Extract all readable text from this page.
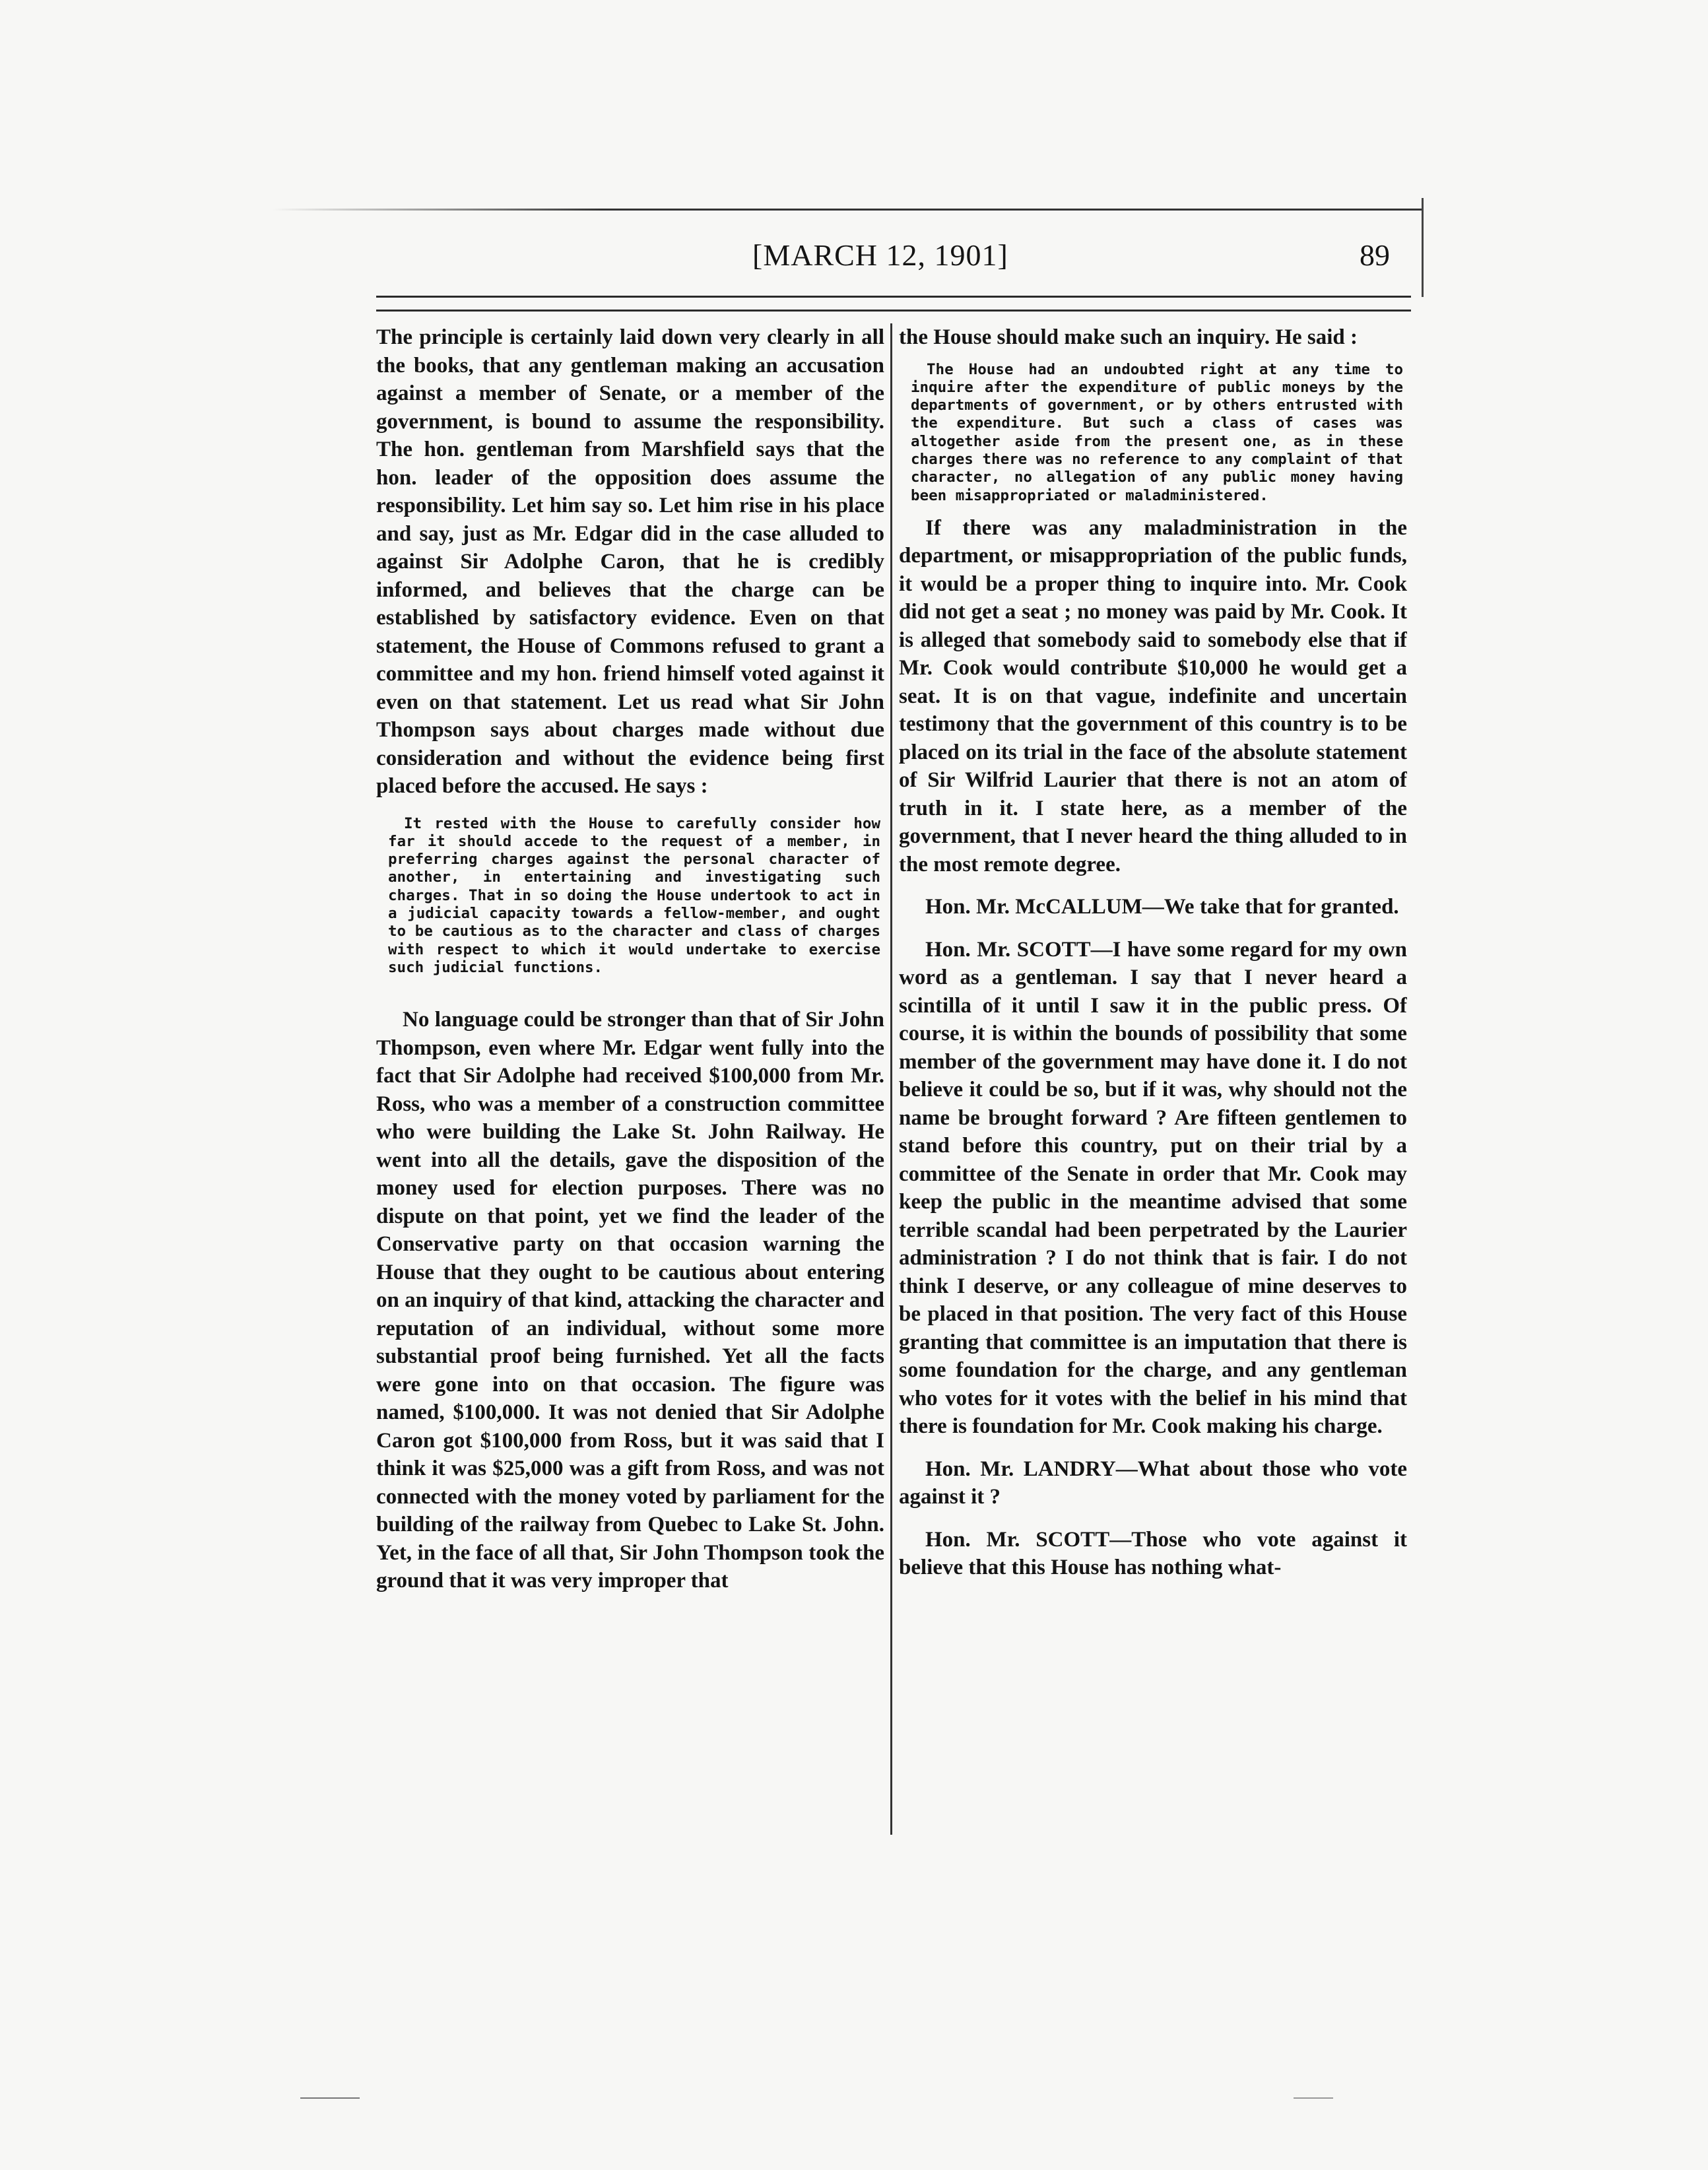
[MARCH 12, 1901]	89

The principle is certainly laid down very clearly in all the books, that any gentleman making an accusation against a member of Senate, or a member of the government, is bound to assume the responsibility. The hon. gentleman from Marshfield says that the hon. leader of the opposition does assume the responsibility. Let him say so. Let him rise in his place and say, just as Mr. Edgar did in the case alluded to against Sir Adolphe Caron, that he is credibly informed, and believes that the charge can be established by satisfactory evidence. Even on that statement, the House of Commons refused to grant a committee and my hon. friend himself voted against it even on that statement. Let us read what Sir John Thompson says about charges made without due consideration and without the evidence being first placed before the accused. He says :

It rested with the House to carefully consider how far it should accede to the request of a member, in preferring charges against the personal character of another, in entertaining and investigating such charges. That in so doing the House undertook to act in a judicial capacity towards a fellow-member, and ought to be cautious as to the character and class of charges with respect to which it would undertake to exercise such judicial functions.

No language could be stronger than that of Sir John Thompson, even where Mr. Edgar went fully into the fact that Sir Adolphe had received $100,000 from Mr. Ross, who was a member of a construction committee who were building the Lake St. John Railway. He went into all the details, gave the disposition of the money used for election purposes. There was no dispute on that point, yet we find the leader of the Conservative party on that occasion warning the House that they ought to be cautious about entering on an inquiry of that kind, attacking the character and reputation of an individual, without some more substantial proof being furnished. Yet all the facts were gone into on that occasion. The figure was named, $100,000. It was not denied that Sir Adolphe Caron got $100,000 from Ross, but it was said that I think it was $25,000 was a gift from Ross, and was not connected with the money voted by parliament for the building of the railway from Quebec to Lake St. John. Yet, in the face of all that, Sir John Thompson took the ground that it was very improper that

the House should make such an inquiry. He said :

The House had an undoubted right at any time to inquire after the expenditure of public moneys by the departments of government, or by others entrusted with the expenditure. But such a class of cases was altogether aside from the present one, as in these charges there was no reference to any complaint of that character, no allegation of any public money having been misappropriated or maladministered.

If there was any maladministration in the department, or misappropriation of the public funds, it would be a proper thing to inquire into. Mr. Cook did not get a seat ; no money was paid by Mr. Cook. It is alleged that somebody said to somebody else that if Mr. Cook would contribute $10,000 he would get a seat. It is on that vague, indefinite and uncertain testimony that the government of this country is to be placed on its trial in the face of the absolute statement of Sir Wilfrid Laurier that there is not an atom of truth in it. I state here, as a member of the government, that I never heard the thing alluded to in the most remote degree.

Hon. Mr. McCALLUM—We take that for granted.

Hon. Mr. SCOTT—I have some regard for my own word as a gentleman. I say that I never heard a scintilla of it until I saw it in the public press. Of course, it is within the bounds of possibility that some member of the government may have done it. I do not believe it could be so, but if it was, why should not the name be brought forward ? Are fifteen gentlemen to stand before this country, put on their trial by a committee of the Senate in order that Mr. Cook may keep the public in the meantime advised that some terrible scandal had been perpetrated by the Laurier administration ? I do not think that is fair. I do not think I deserve, or any colleague of mine deserves to be placed in that position. The very fact of this House granting that committee is an imputation that there is some foundation for the charge, and any gentleman who votes for it votes with the belief in his mind that there is foundation for Mr. Cook making his charge.

Hon. Mr. LANDRY—What about those who vote against it ?

Hon. Mr. SCOTT—Those who vote against it believe that this House has nothing what-
